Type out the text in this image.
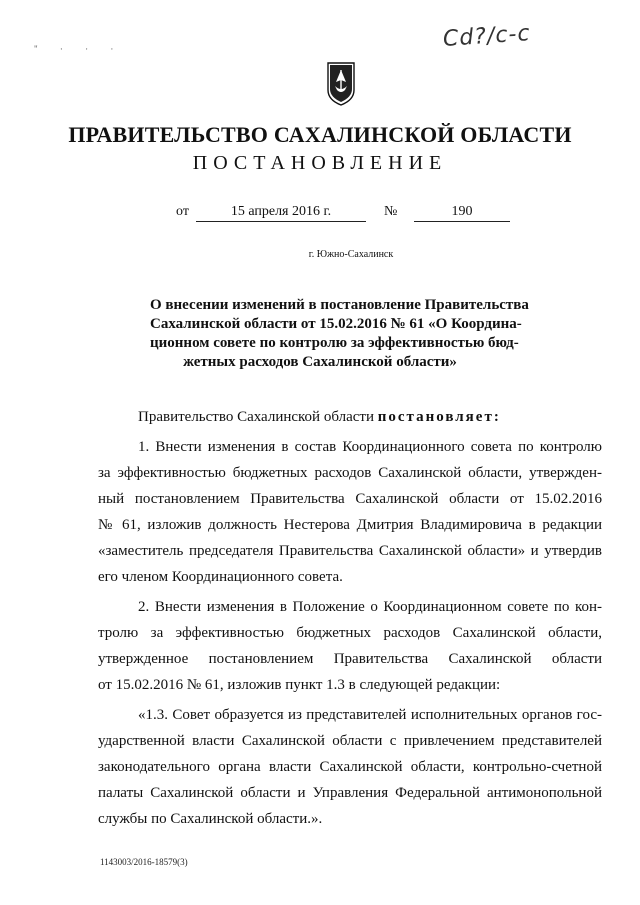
" · · ·	Cd?/c-c
ПРАВИТЕЛЬСТВО САХАЛИНСКОЙ ОБЛАСТИ
ПОСТАНОВЛЕНИЕ
от	15 апреля 2016 г.	№	190
г. Южно-Сахалинск
О внесении изменений в постановление Правительства
Сахалинской области от 15.02.2016 № 61 «О Координа-
ционном совете по контролю за эффективностью бюд-
жетных расходов Сахалинской области»

Правительство Сахалинской области постановляет:

1. Внести изменения в состав Координационного совета по контролю
за эффективностью бюджетных расходов Сахалинской области, утвержден-
ный постановлением Правительства Сахалинской области от 15.02.2016
№ 61, изложив должность Нестерова Дмитрия Владимировича в редакции
«заместитель председателя Правительства Сахалинской области» и утвердив
его членом Координационного совета.
2. Внести изменения в Положение о Координационном совете по кон-
тролю за эффективностью бюджетных расходов Сахалинской области,
утвержденное постановлением Правительства Сахалинской области
от 15.02.2016 № 61, изложив пункт 1.3 в следующей редакции:
«1.3. Совет образуется из представителей исполнительных органов гос-
ударственной власти Сахалинской области с привлечением представителей
законодательного органа власти Сахалинской области, контрольно-счетной
палаты Сахалинской области и Управления Федеральной антимонопольной
службы по Сахалинской области.».
1143003/2016-18579(3)
